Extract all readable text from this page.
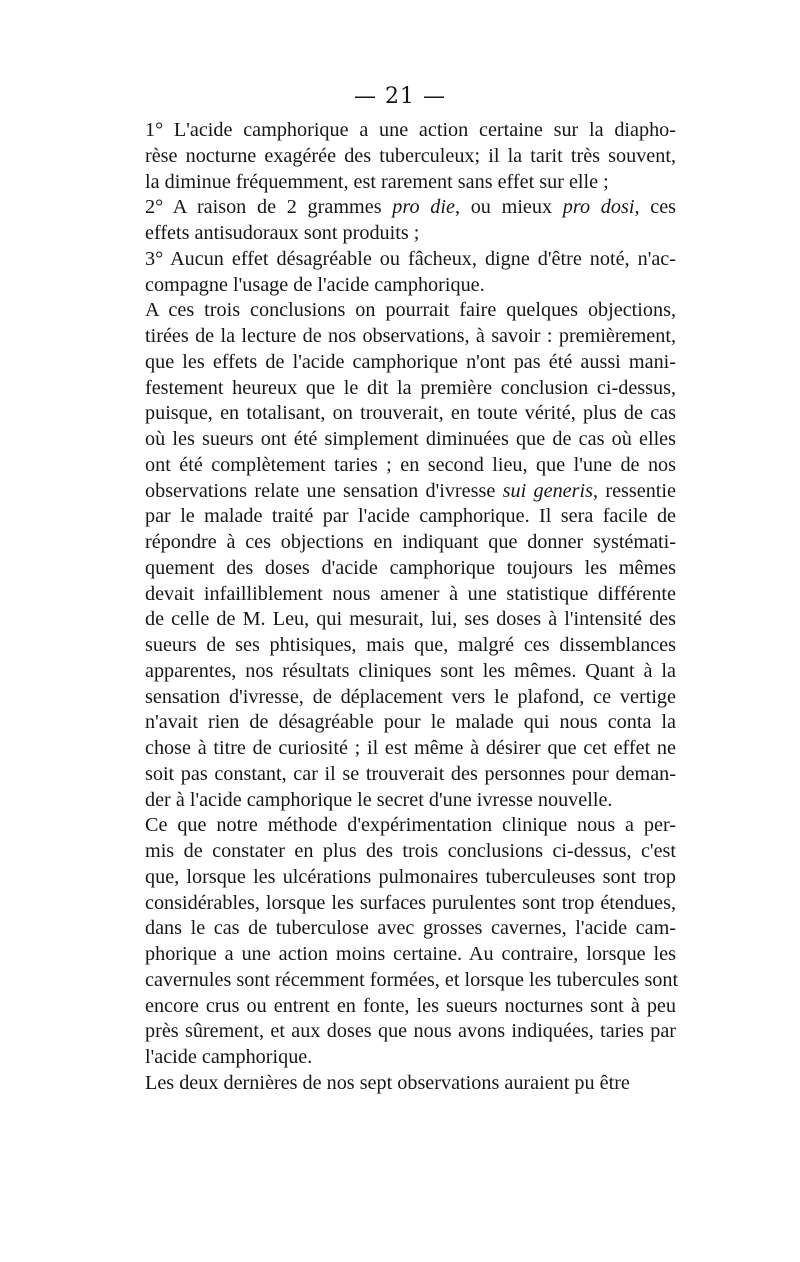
— 21 —

1° L'acide camphorique a une action certaine sur la diapho-
rèse nocturne exagérée des tuberculeux; il la tarit très souvent,
la diminue fréquemment, est rarement sans effet sur elle ;

2° A raison de 2 grammes pro die, ou mieux pro dosi, ces
effets antisudoraux sont produits ;

3° Aucun effet désagréable ou fâcheux, digne d'être noté, n'ac-
compagne l'usage de l'acide camphorique.

A ces trois conclusions on pourrait faire quelques objections,
tirées de la lecture de nos observations, à savoir : premièrement,
que les effets de l'acide camphorique n'ont pas été aussi mani-
festement heureux que le dit la première conclusion ci-dessus,
puisque, en totalisant, on trouverait, en toute vérité, plus de cas
où les sueurs ont été simplement diminuées que de cas où elles
ont été complètement taries ; en second lieu, que l'une de nos
observations relate une sensation d'ivresse sui generis, ressentie
par le malade traité par l'acide camphorique. Il sera facile de
répondre à ces objections en indiquant que donner systémati-
quement des doses d'acide camphorique toujours les mêmes
devait infailliblement nous amener à une statistique différente
de celle de M. Leu, qui mesurait, lui, ses doses à l'intensité des
sueurs de ses phtisiques, mais que, malgré ces dissemblances
apparentes, nos résultats cliniques sont les mêmes. Quant à la
sensation d'ivresse, de déplacement vers le plafond, ce vertige
n'avait rien de désagréable pour le malade qui nous conta la
chose à titre de curiosité ; il est même à désirer que cet effet ne
soit pas constant, car il se trouverait des personnes pour deman-
der à l'acide camphorique le secret d'une ivresse nouvelle.

Ce que notre méthode d'expérimentation clinique nous a per-
mis de constater en plus des trois conclusions ci-dessus, c'est
que, lorsque les ulcérations pulmonaires tuberculeuses sont trop
considérables, lorsque les surfaces purulentes sont trop étendues,
dans le cas de tuberculose avec grosses cavernes, l'acide cam-
phorique a une action moins certaine. Au contraire, lorsque les
cavernules sont récemment formées, et lorsque les tubercules sont
encore crus ou entrent en fonte, les sueurs nocturnes sont à peu
près sûrement, et aux doses que nous avons indiquées, taries par
l'acide camphorique.

Les deux dernières de nos sept observations auraient pu être
